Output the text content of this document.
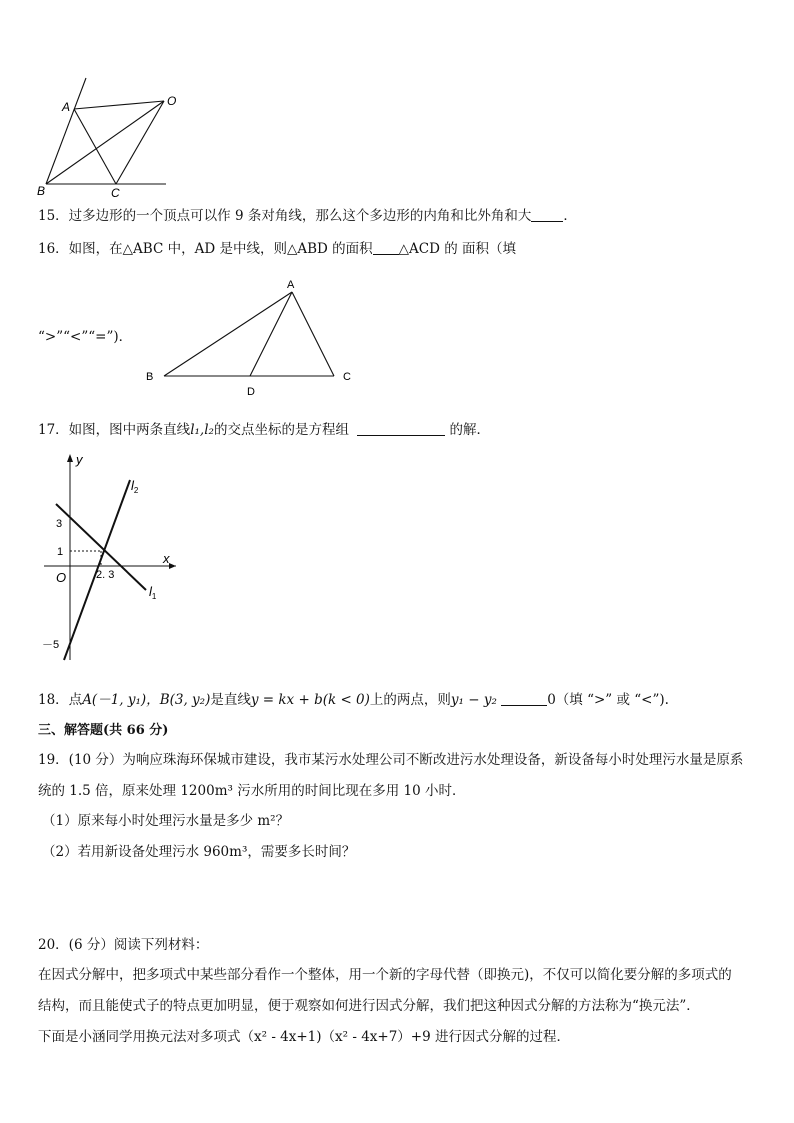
A	O
B	C
15．过多边形的一个顶点可以作 9 条对角线，那么这个多边形的内角和比外角和大 ．
16．如图，在△ABC 中，AD 是中线，则△ABD 的面积 △ACD 的 面积（填
“>”“<”“=”)．
A
B	C
D
17．如图，图中两条直线l₁,l₂的交点坐标的是方程组	的解．
y
x
O
3
1
－5
2. 3
$l_1$
$l_2$
18．点A(－1, y₁)，B(3, y₂)是直线y = kx + b(k < 0)上的两点，则y₁ − y₂	0（填 “>” 或 “<”).
三、解答题(共 66 分)
19．(10 分）为响应珠海环保城市建设，我市某污水处理公司不断改进污水处理设备，新设备每小时处理污水量是原系
统的 1.5 倍，原来处理 1200m³ 污水所用的时间比现在多用 10 小时．
（1）原来每小时处理污水量是多少 m²？
（2）若用新设备处理污水 960m³，需要多长时间？
20．(6 分）阅读下列材料：
在因式分解中，把多项式中某些部分看作一个整体，用一个新的字母代替（即换元)，不仅可以简化要分解的多项式的
结构，而且能使式子的特点更加明显，便于观察如何进行因式分解，我们把这种因式分解的方法称为“换元法”．
下面是小涵同学用换元法对多项式（x² - 4x+1)（x² - 4x+7）+9 进行因式分解的过程．
